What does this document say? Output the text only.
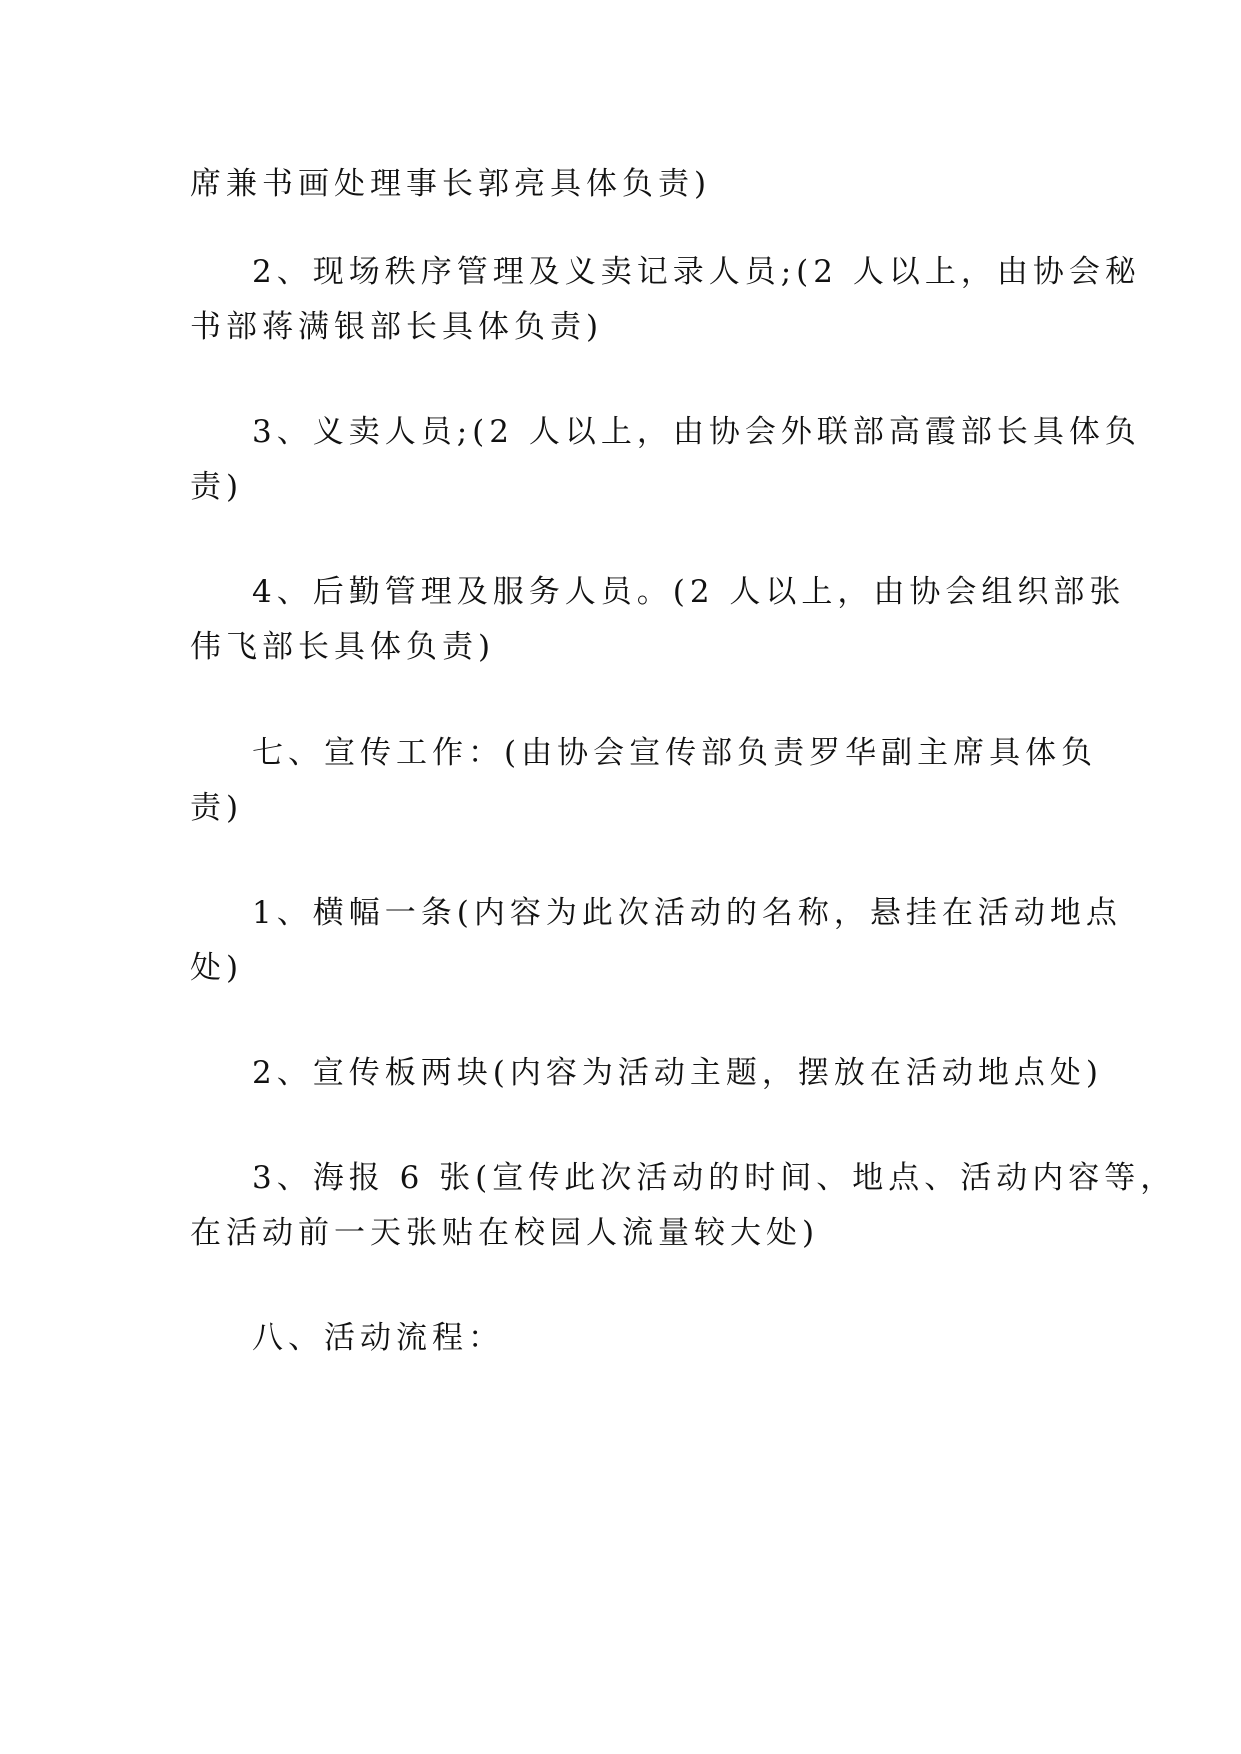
席兼书画处理事长郭亮具体负责)
2、现场秩序管理及义卖记录人员;(2 人以上，由协会秘
书部蒋满银部长具体负责)
3、义卖人员;(2 人以上，由协会外联部高霞部长具体负
责)
4、后勤管理及服务人员。(2 人以上，由协会组织部张
伟飞部长具体负责)
七、宣传工作：(由协会宣传部负责罗华副主席具体负
责)
1、横幅一条(内容为此次活动的名称，悬挂在活动地点
处)
2、宣传板两块(内容为活动主题，摆放在活动地点处)
3、海报 6 张(宣传此次活动的时间、地点、活动内容等，
在活动前一天张贴在校园人流量较大处)
八、活动流程：
